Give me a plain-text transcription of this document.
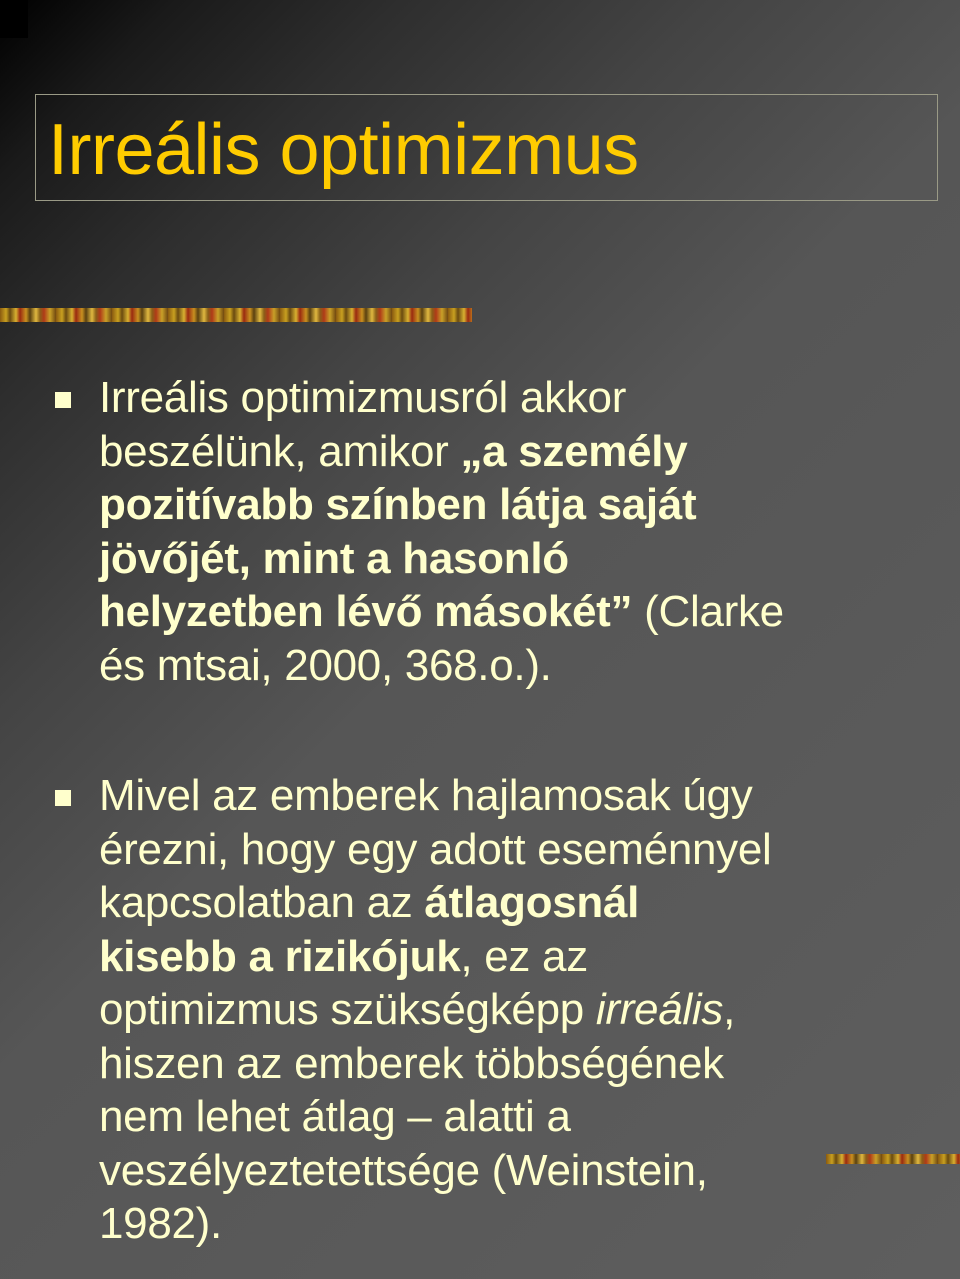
Irreális optimizmus

Irreális optimizmusról akkor
beszélünk, amikor „a személy
pozitívabb színben látja saját
jövőjét, mint a hasonló
helyzetben lévő másokét” (Clarke
és mtsai, 2000, 368.o.).

Mivel az emberek hajlamosak úgy
érezni, hogy egy adott eseménnyel
kapcsolatban az átlagosnál
kisebb a rizikójuk, ez az
optimizmus szükségképp irreális,
hiszen az emberek többségének
nem lehet átlag – alatti a
veszélyeztetettsége (Weinstein,
1982).
